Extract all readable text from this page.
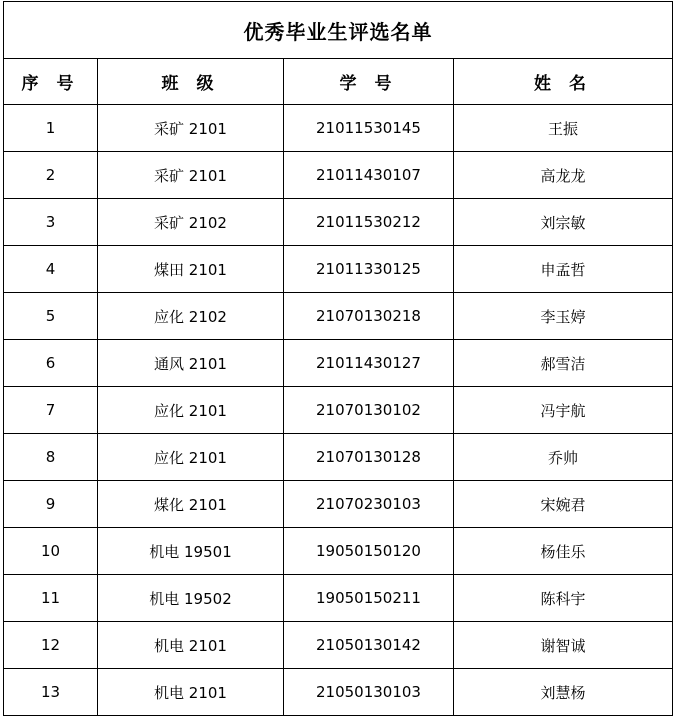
优秀毕业生评选名单			
序 号	班 级	学 号	姓 名
1	采矿 2101	21011530145	王振
2	采矿 2101	21011430107	高龙龙
3	采矿 2102	21011530212	刘宗敏
4	煤田 2101	21011330125	申孟哲
5	应化 2102	21070130218	李玉婷
6	通风 2101	21011430127	郝雪洁
7	应化 2101	21070130102	冯宇航
8	应化 2101	21070130128	乔帅
9	煤化 2101	21070230103	宋婉君
10	机电 19501	19050150120	杨佳乐
11	机电 19502	19050150211	陈科宇
12	机电 2101	21050130142	谢智诚
13	机电 2101	21050130103	刘慧杨
